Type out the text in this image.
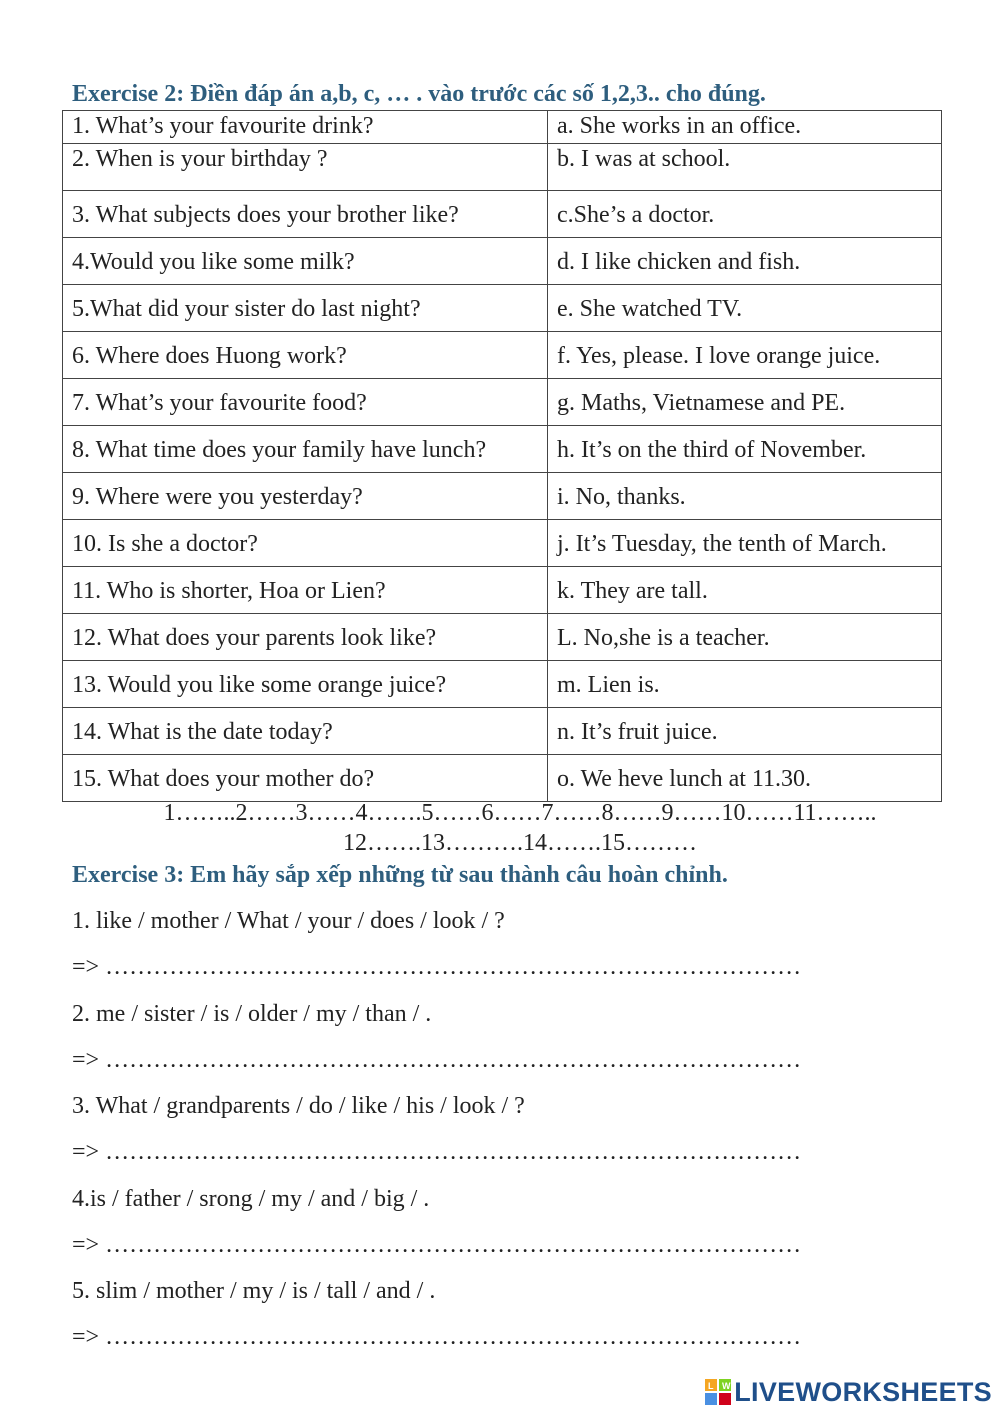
Exercise 2: Điền đáp án a,b, c, … . vào trước các số 1,2,3.. cho đúng.
1. What’s your favourite drink?	a. She works in an office.
2. When is your birthday ?	b. I was at school.
3. What subjects does your brother like?	c.She’s a doctor.
4.Would you like some milk?	d. I like chicken and fish.
5.What did your sister do last night?	e. She watched TV.
6. Where does Huong work?	f. Yes, please. I love orange juice.
7. What’s your favourite food?	g. Maths, Vietnamese and PE.
8. What time does your family have lunch?	h. It’s on the third of November.
9. Where were you yesterday?	i. No, thanks.
10. Is she a doctor?	j. It’s Tuesday, the tenth of March.
11. Who is shorter, Hoa or Lien?	k. They are tall.
12. What does your parents look like?	L. No,she is a teacher.
13. Would you like some orange juice?	m. Lien is.
14. What is the date today?	n. It’s fruit juice.
15. What does your mother do?	o. We heve lunch at 11.30.
1……..2……3……4…….5……6……7……8……9……10……11……..
12…….13……….14…….15………
Exercise 3: Em hãy sắp xếp những từ sau thành câu hoàn chỉnh.
1. like / mother / What / your / does / look / ?
=> ……………………………………………………………………………
2. me / sister / is / older / my / than / .
=> ……………………………………………………………………………
3. What / grandparents / do / like / his / look / ?
=> ……………………………………………………………………………
4.is / father / srong / my / and / big / .
=> ……………………………………………………………………………
5. slim / mother / my / is / tall / and / .
=> ……………………………………………………………………………
L W LIVEWORKSHEETS
